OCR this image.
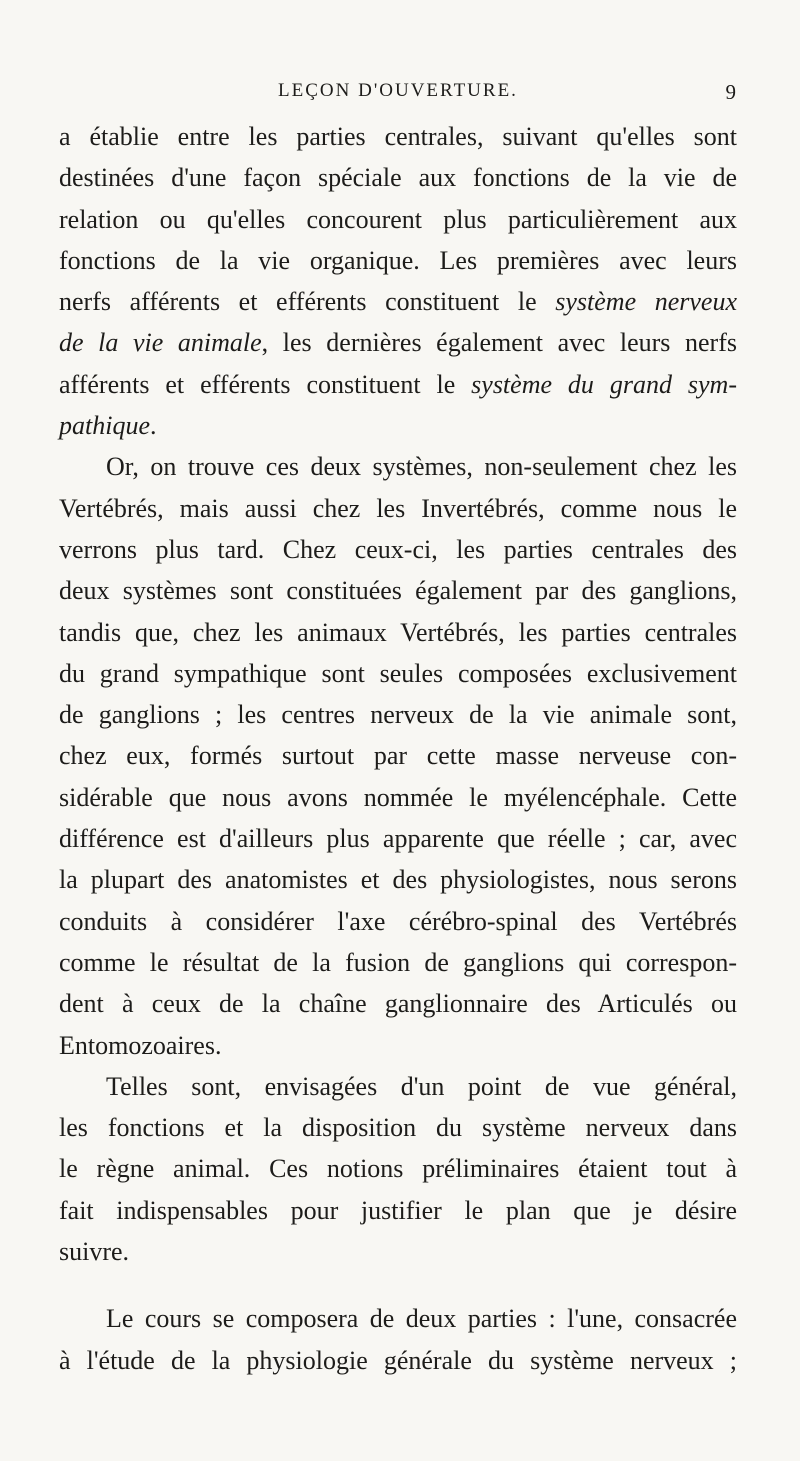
LEÇON D'OUVERTURE.	9
a établie entre les parties centrales, suivant qu'elles sont
destinées d'une façon spéciale aux fonctions de la vie de
relation ou qu'elles concourent plus particulièrement aux
fonctions de la vie organique. Les premières avec leurs
nerfs afférents et efférents constituent le système nerveux
de la vie animale, les dernières également avec leurs nerfs
afférents et efférents constituent le système du grand sym-
pathique.
Or, on trouve ces deux systèmes, non-seulement chez les
Vertébrés, mais aussi chez les Invertébrés, comme nous le
verrons plus tard. Chez ceux-ci, les parties centrales des
deux systèmes sont constituées également par des ganglions,
tandis que, chez les animaux Vertébrés, les parties centrales
du grand sympathique sont seules composées exclusivement
de ganglions ; les centres nerveux de la vie animale sont,
chez eux, formés surtout par cette masse nerveuse con-
sidérable que nous avons nommée le myélencéphale. Cette
différence est d'ailleurs plus apparente que réelle ; car, avec
la plupart des anatomistes et des physiologistes, nous serons
conduits à considérer l'axe cérébro-spinal des Vertébrés
comme le résultat de la fusion de ganglions qui correspon-
dent à ceux de la chaîne ganglionnaire des Articulés ou
Entomozoaires.
Telles sont, envisagées d'un point de vue général,
les fonctions et la disposition du système nerveux dans
le règne animal. Ces notions préliminaires étaient tout à
fait indispensables pour justifier le plan que je désire
suivre.
Le cours se composera de deux parties : l'une, consacrée
à l'étude de la physiologie générale du système nerveux ;
